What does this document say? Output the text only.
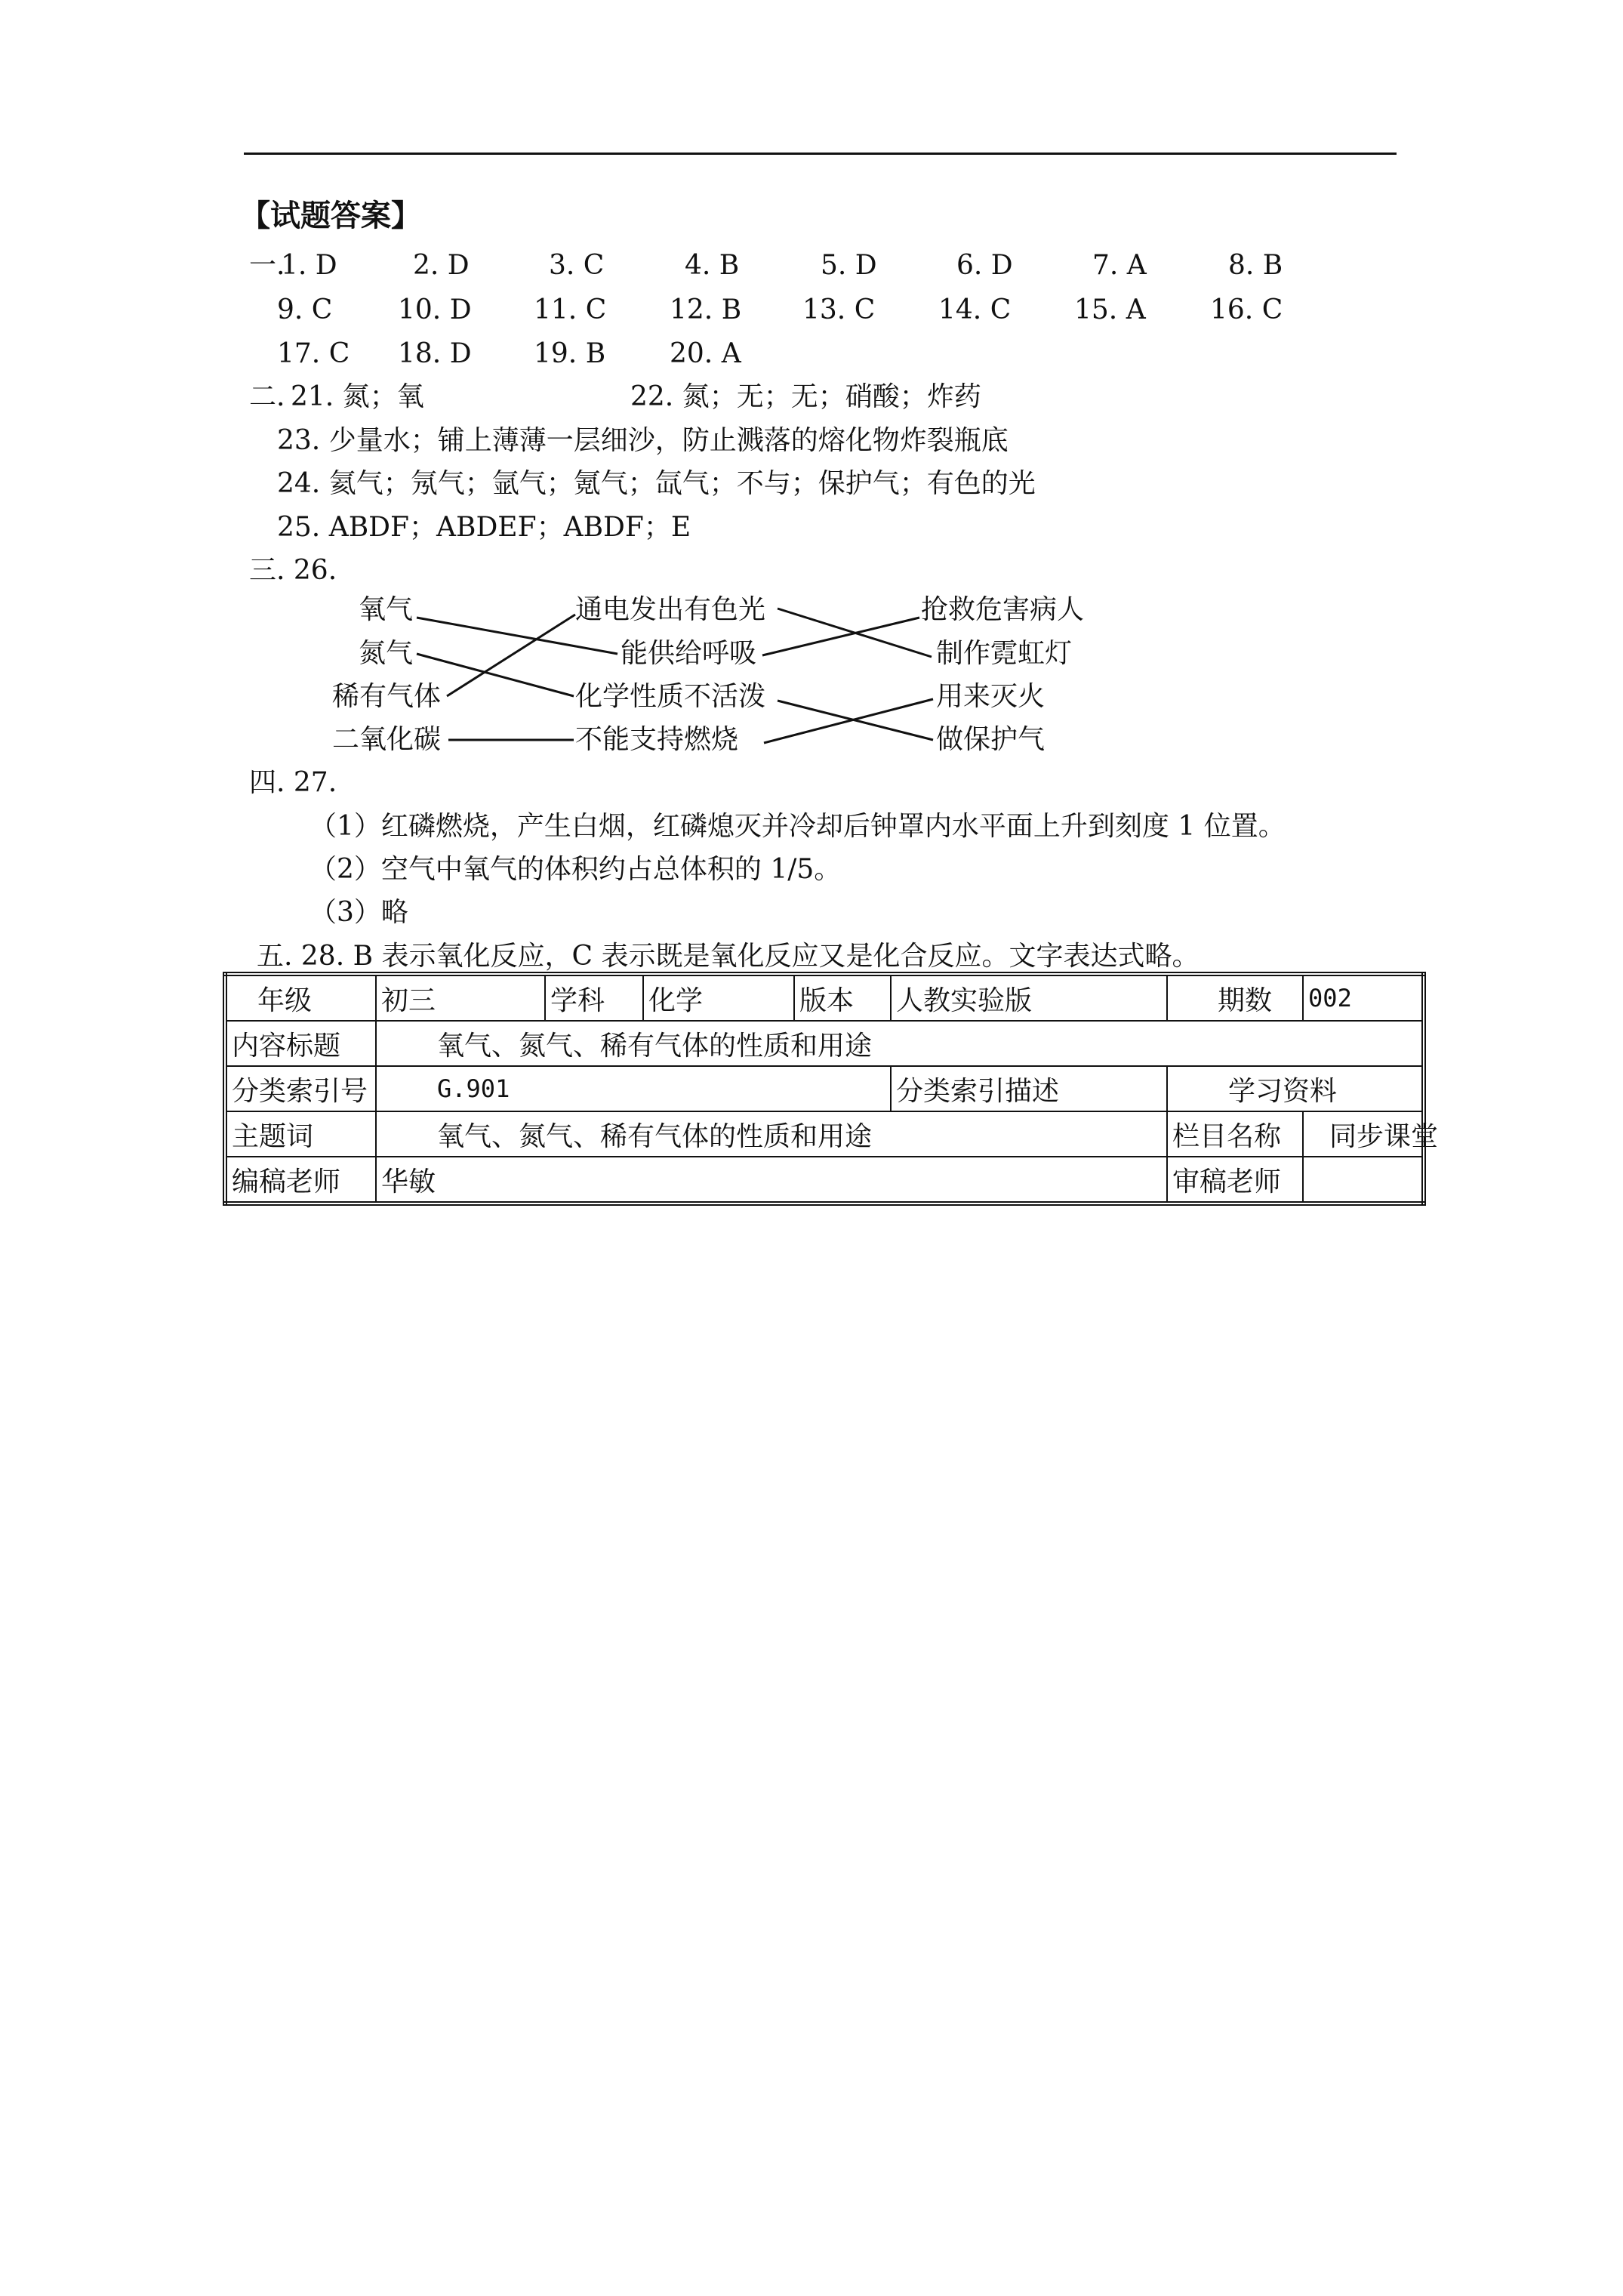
【试题答案】
一.
1. D	2. D	3. C	4. B	5. D	6. D	7. A	8. B
9. C 10. D 11. C 12. B 13. C 14. C 15. A 16. C
17. C 18. D 19. B 20. A
二. 21. 氮；氧	22. 氮；无；无；硝酸；炸药
23. 少量水；铺上薄薄一层细沙，防止溅落的熔化物炸裂瓶底
24. 氦气；氖气；氩气；氪气；氙气；不与；保护气；有色的光
25. ABDF；ABDEF；ABDF；E
三. 26.
氧气
氮气
稀有气体
二氧化碳
通电发出有色光
能供给呼吸
化学性质不活泼
不能支持燃烧
抢救危害病人
制作霓虹灯
用来灭火
做保护气
四. 27.
（1）红磷燃烧，产生白烟，红磷熄灭并冷却后钟罩内水平面上升到刻度 1 位置。
（2）空气中氧气的体积约占总体积的 1/5。
（3）略
五. 28. B 表示氧化反应，C 表示既是氧化反应又是化合反应。文字表达式略。
年级	初三	学科	化学	版本	人教实验版	期数	002
内容标题	氧气、氮气、稀有气体的性质和用途						
分类索引号	G.901				分类索引描述	学习资料	
主题词	氧气、氮气、稀有气体的性质和用途					栏目名称	同步课堂
编稿老师	华敏					审稿老师	
